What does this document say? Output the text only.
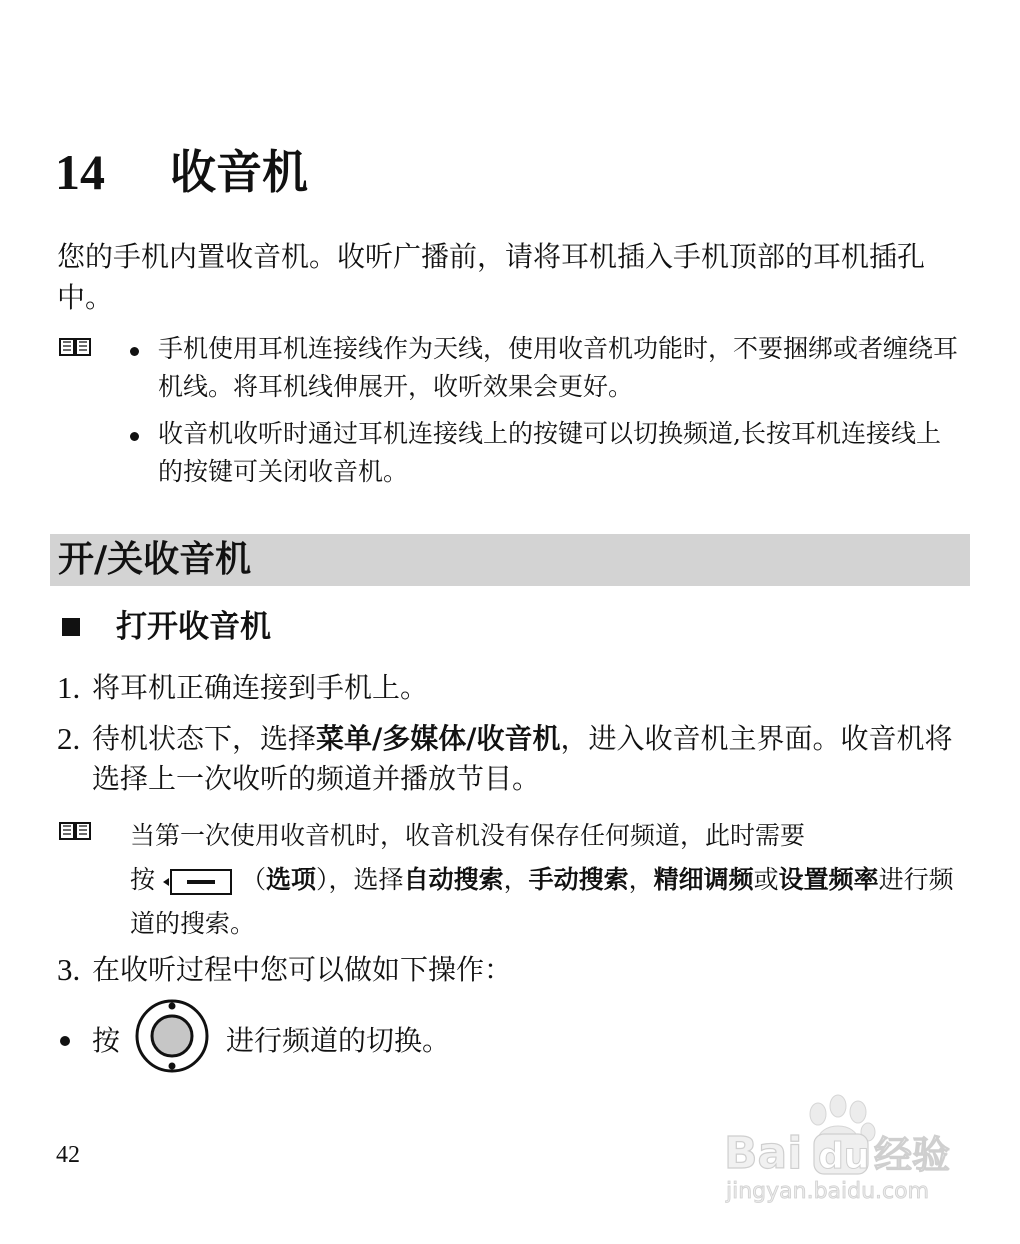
14 收音机
您的手机内置收音机。收听广播前，请将耳机插入手机顶部的耳机插孔中。
手机使用耳机连接线作为天线，使用收音机功能时，不要捆绑或者缠绕耳机线。将耳机线伸展开，收听效果会更好。
收音机收听时通过耳机连接线上的按键可以切换频道,长按耳机连接线上的按键可关闭收音机。
开/关收音机
打开收音机
1. 将耳机正确连接到手机上。
2. 待机状态下，选择菜单/多媒体/收音机，进入收音机主界面。收音机将选择上一次收听的频道并播放节目。
当第一次使用收音机时，收音机没有保存任何频道，此时需要
按	（选项），选择自动搜索，手动搜索，精细调频或设置频率进行频道的搜索。
3. 在收听过程中您可以做如下操作：
按	进行频道的切换。
42	Bai du 经验
jingyan.baidu.com
